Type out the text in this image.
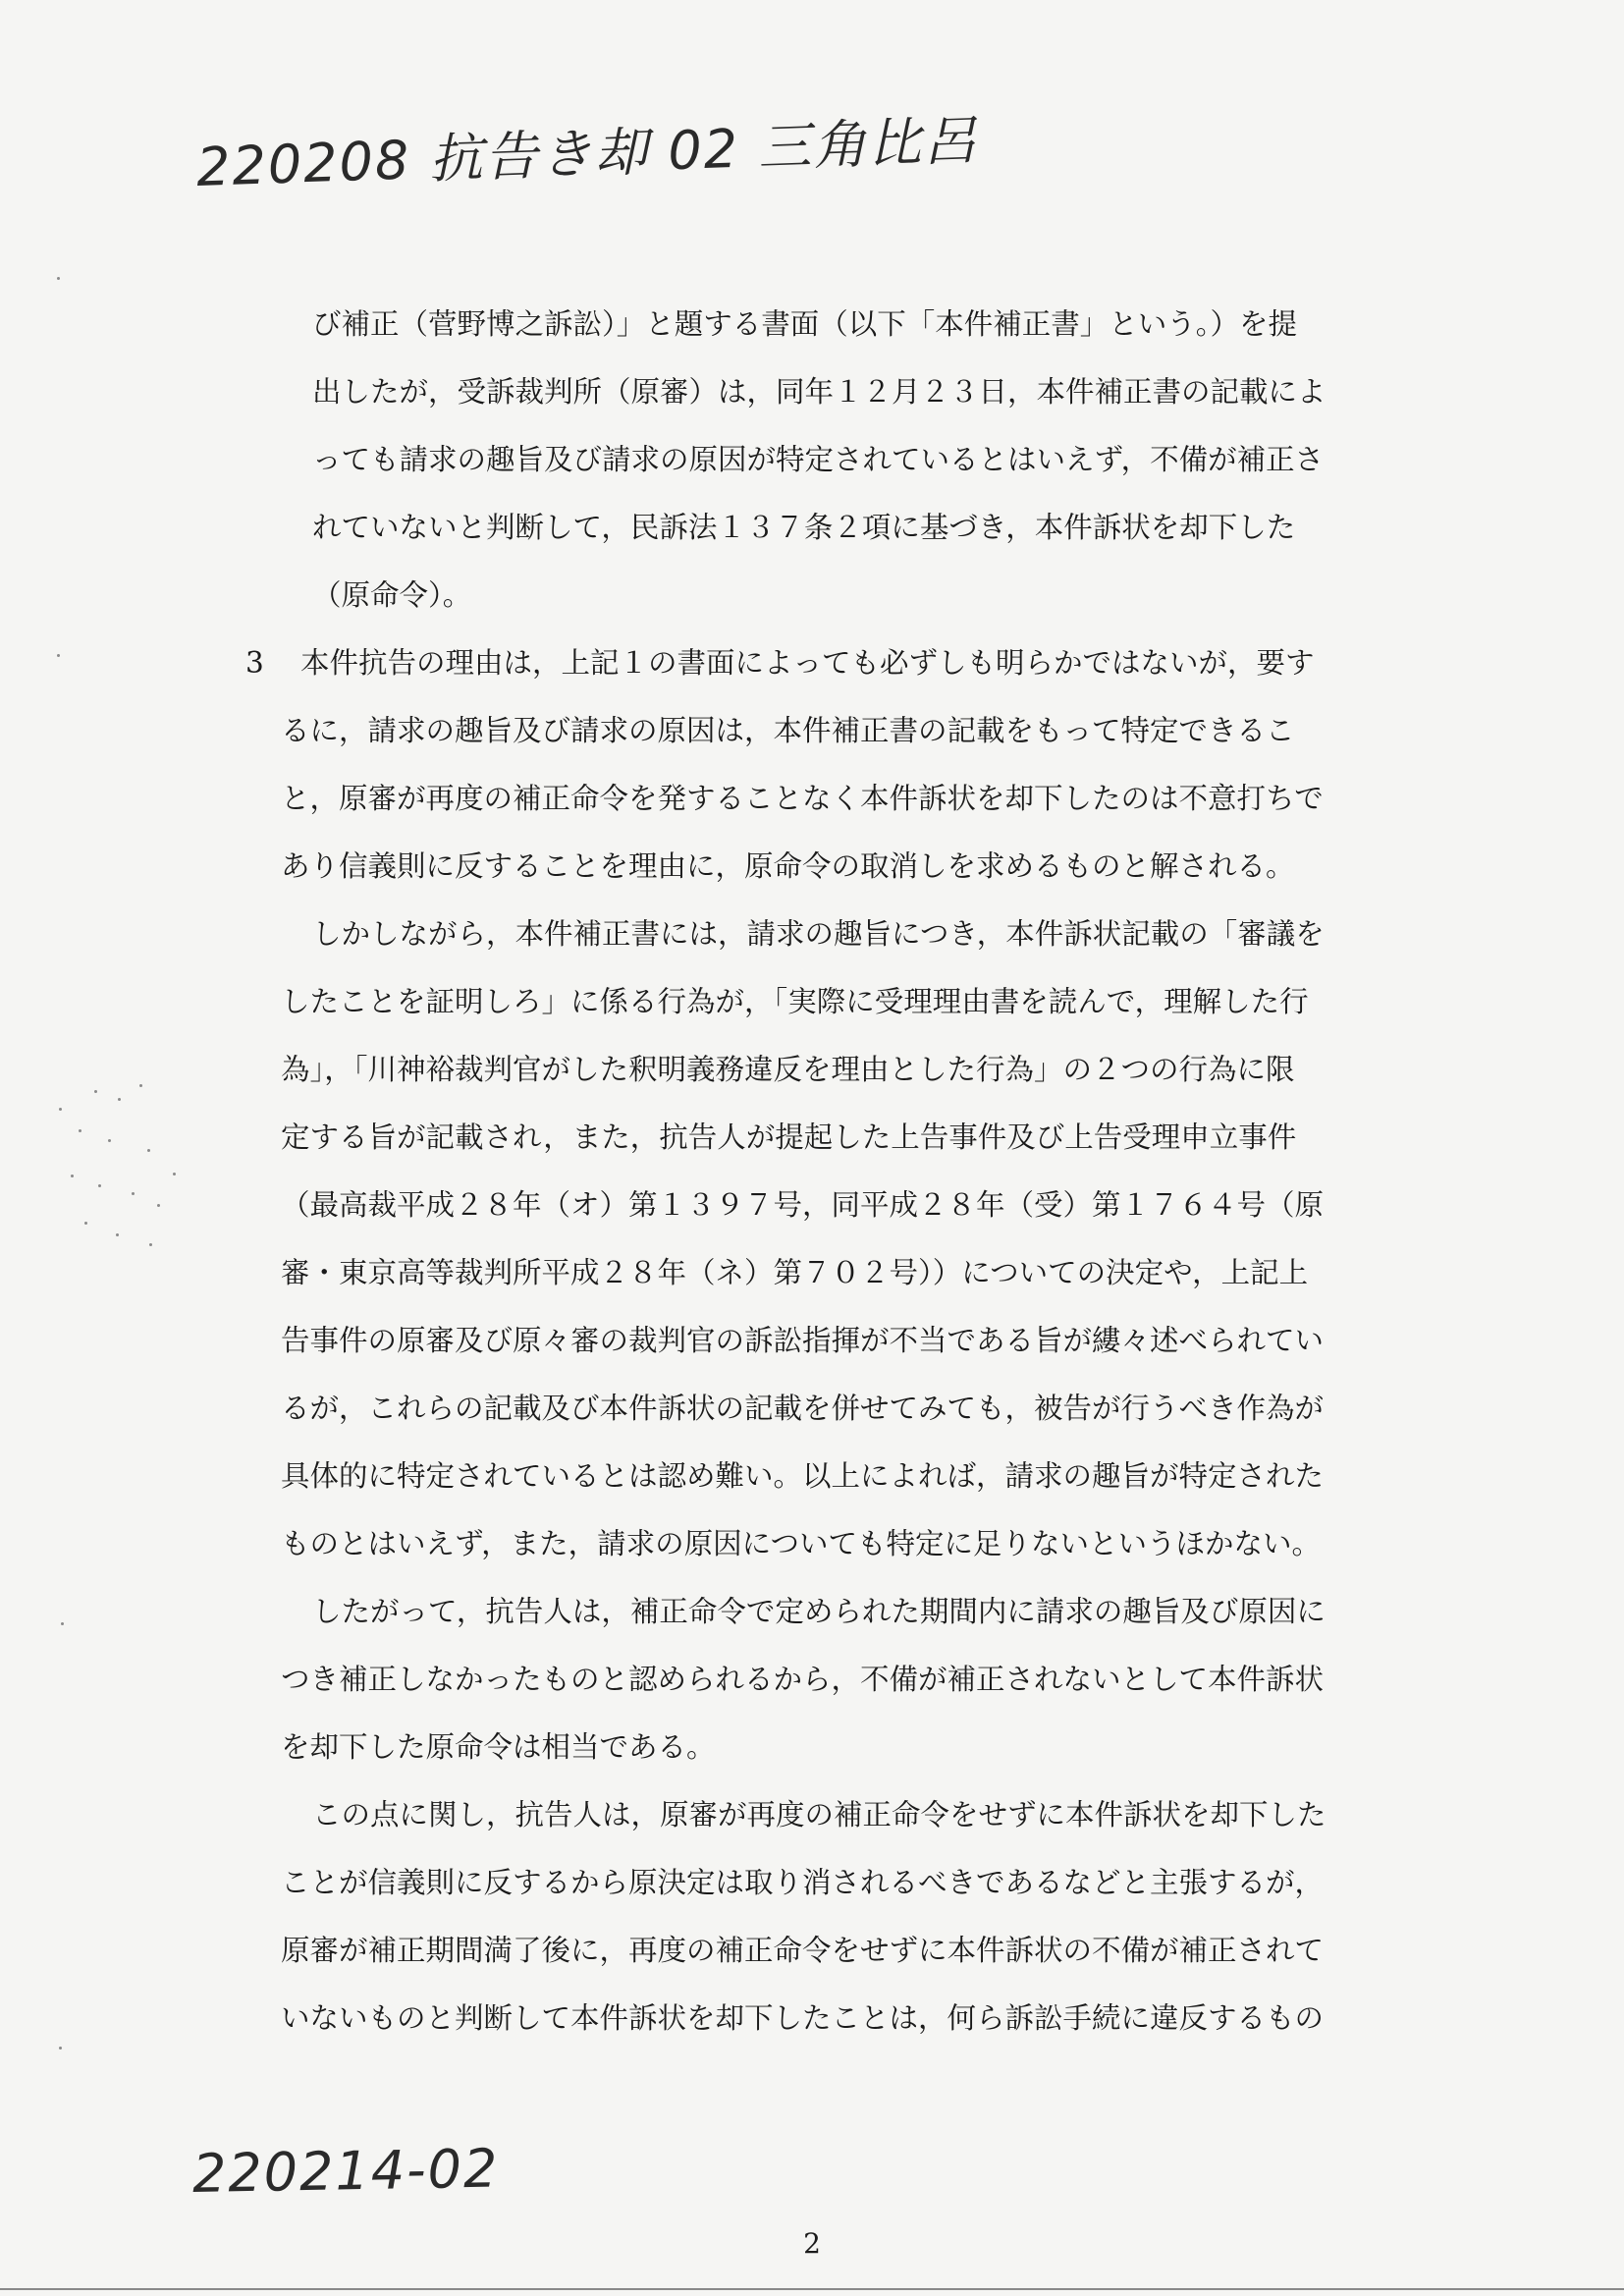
220208 抗告き却 02 三角比呂
び補正（菅野博之訴訟）」と題する書面（以下「本件補正書」という。）を提
出したが，受訴裁判所（原審）は，同年１２月２３日，本件補正書の記載によ
っても請求の趣旨及び請求の原因が特定されているとはいえず，不備が補正さ
れていないと判断して，民訴法１３７条２項に基づき，本件訴状を却下した
（原命令）。
3 本件抗告の理由は，上記１の書面によっても必ずしも明らかではないが，要す
るに，請求の趣旨及び請求の原因は，本件補正書の記載をもって特定できるこ
と，原審が再度の補正命令を発することなく本件訴状を却下したのは不意打ちで
あり信義則に反することを理由に，原命令の取消しを求めるものと解される。
しかしながら，本件補正書には，請求の趣旨につき，本件訴状記載の「審議を
したことを証明しろ」に係る行為が，「実際に受理理由書を読んで，理解した行
為」，「川神裕裁判官がした釈明義務違反を理由とした行為」の２つの行為に限
定する旨が記載され，また，抗告人が提起した上告事件及び上告受理申立事件
（最高裁平成２８年（オ）第１３９７号，同平成２８年（受）第１７６４号（原
審・東京高等裁判所平成２８年（ネ）第７０２号））についての決定や，上記上
告事件の原審及び原々審の裁判官の訴訟指揮が不当である旨が縷々述べられてい
るが，これらの記載及び本件訴状の記載を併せてみても，被告が行うべき作為が
具体的に特定されているとは認め難い。以上によれば，請求の趣旨が特定された
ものとはいえず，また，請求の原因についても特定に足りないというほかない。
したがって，抗告人は，補正命令で定められた期間内に請求の趣旨及び原因に
つき補正しなかったものと認められるから，不備が補正されないとして本件訴状
を却下した原命令は相当である。
この点に関し，抗告人は，原審が再度の補正命令をせずに本件訴状を却下した
ことが信義則に反するから原決定は取り消されるべきであるなどと主張するが，
原審が補正期間満了後に，再度の補正命令をせずに本件訴状の不備が補正されて
いないものと判断して本件訴状を却下したことは，何ら訴訟手続に違反するもの
220214-02
2
